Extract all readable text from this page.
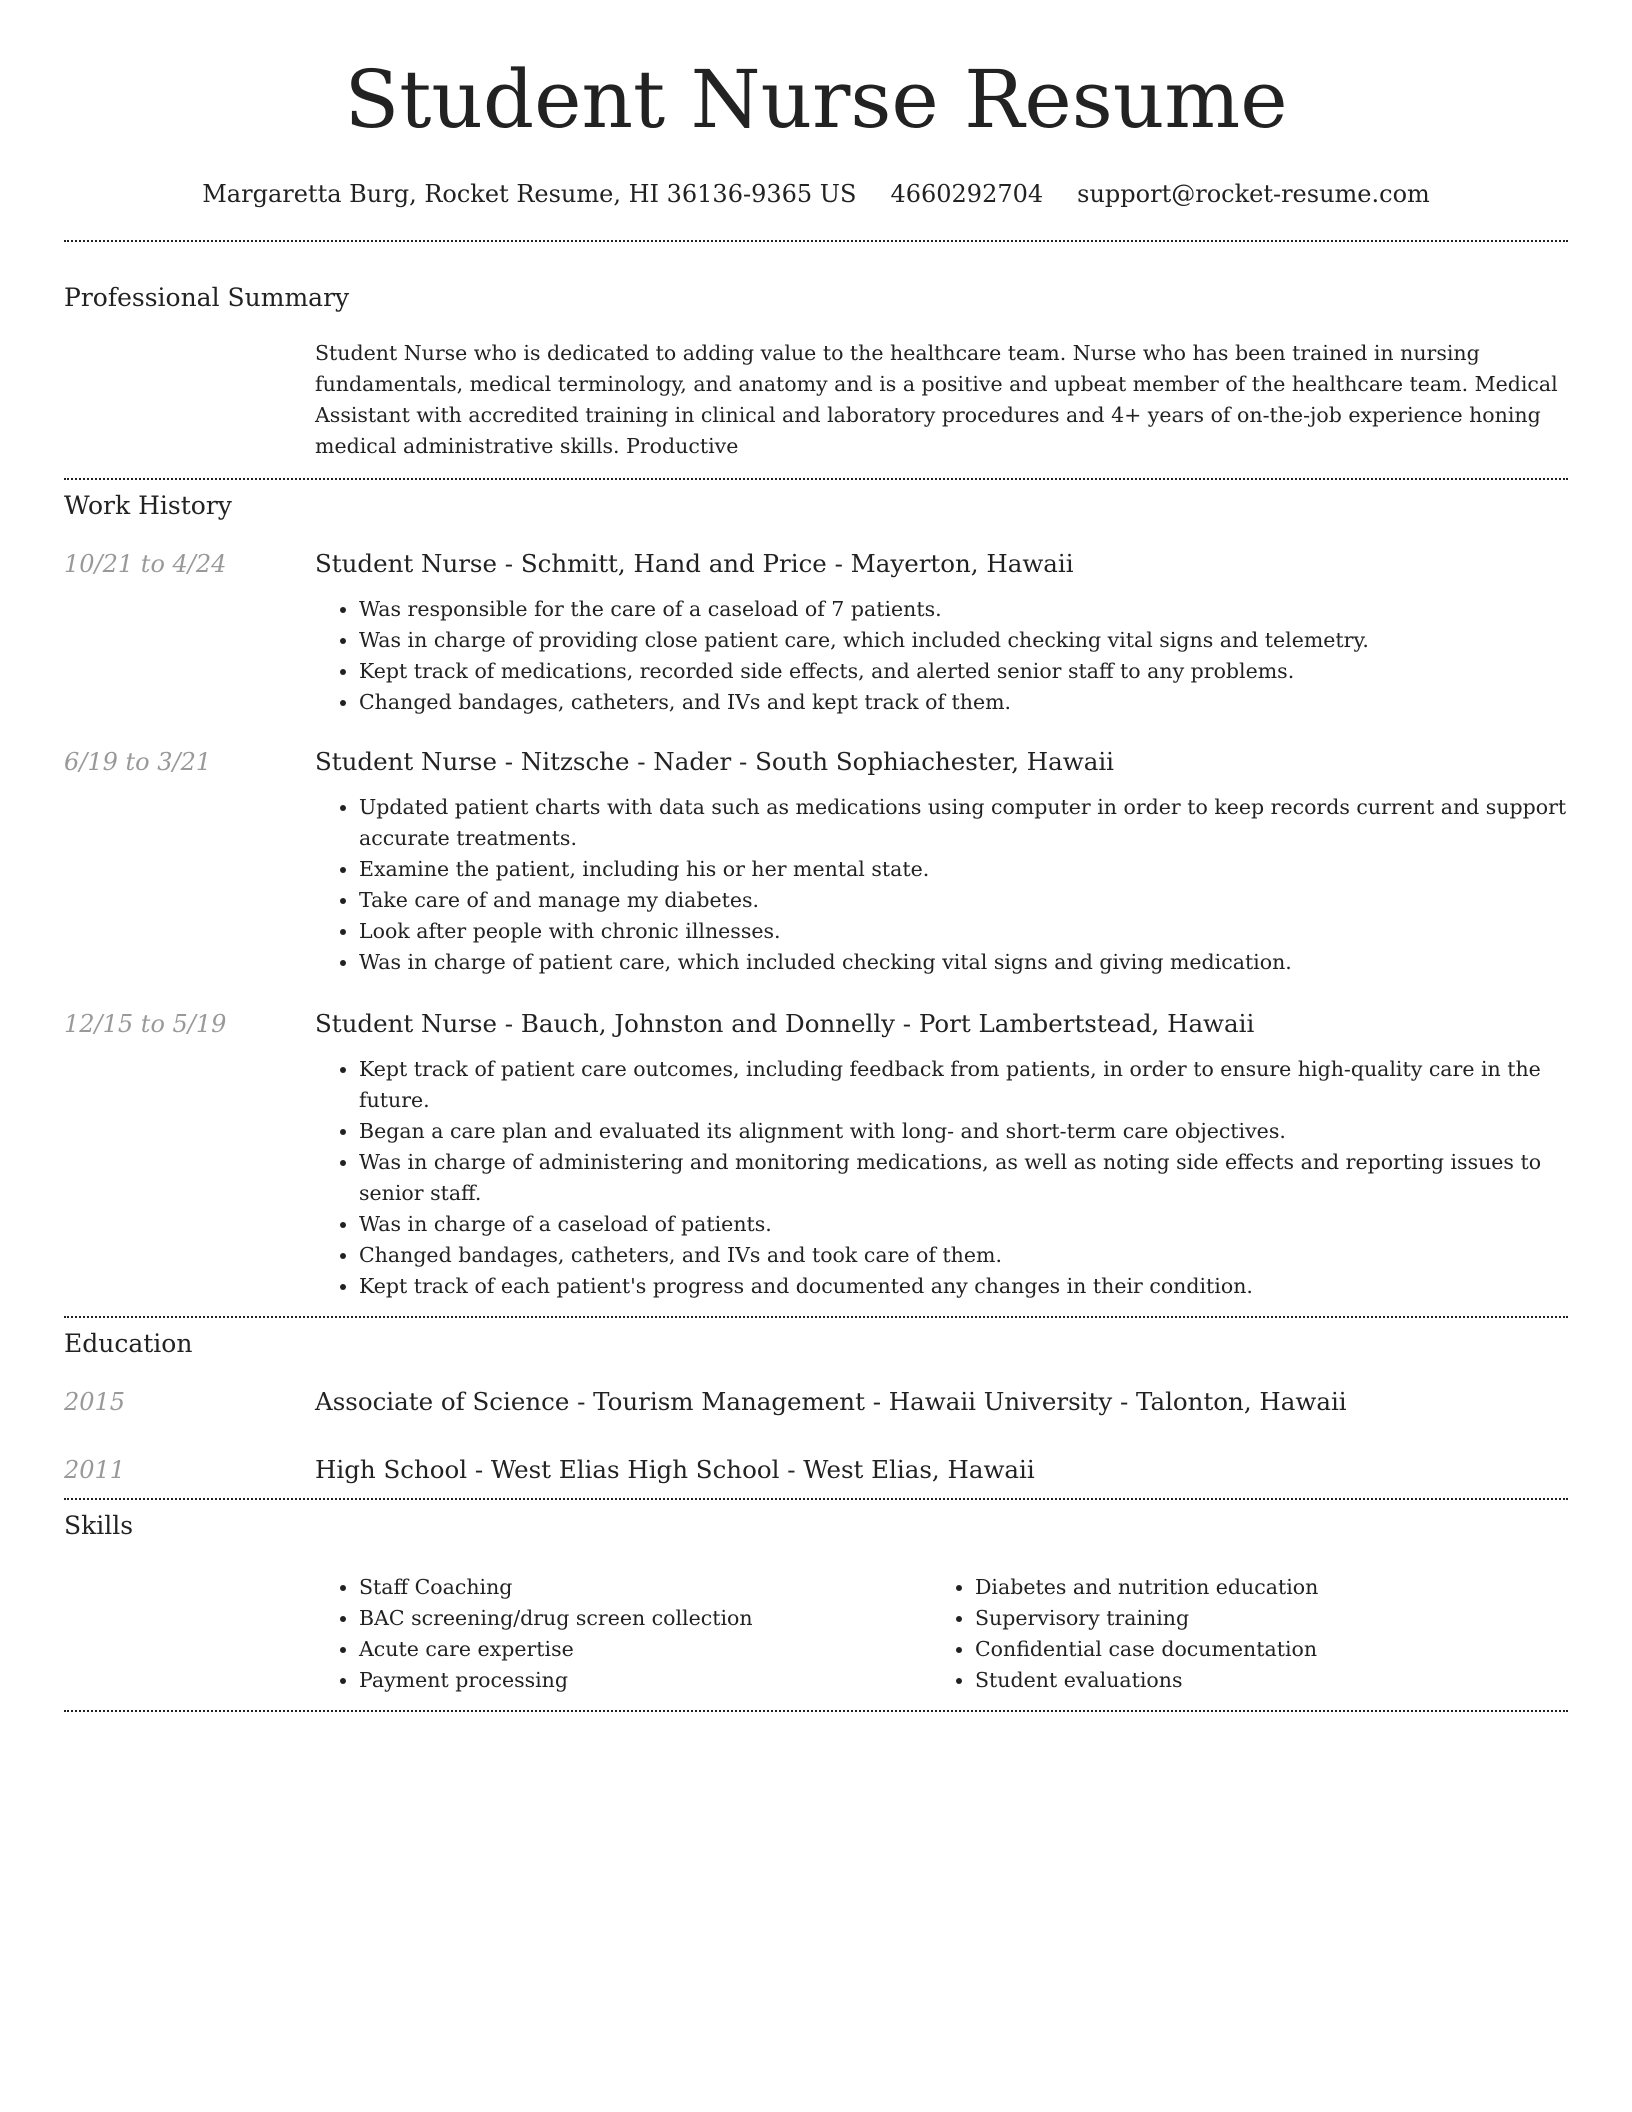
Student Nurse Resume
Margaretta Burg, Rocket Resume, HI 36136-9365 US 4660292704 support@rocket-resume.com
Professional Summary

Student Nurse who is dedicated to adding value to the healthcare team. Nurse who has been trained in nursing fundamentals, medical terminology, and anatomy and is a positive and upbeat member of the healthcare team. Medical Assistant with accredited training in clinical and laboratory procedures and 4+ years of on-the-job experience honing medical administrative skills. Productive

Work History
10/21 to 4/24	Student Nurse - Schmitt, Hand and Price - Mayerton, Hawaii
• Was responsible for the care of a caseload of 7 patients.
• Was in charge of providing close patient care, which included checking vital signs and telemetry.
• Kept track of medications, recorded side effects, and alerted senior staff to any problems.
• Changed bandages, catheters, and IVs and kept track of them.
6/19 to 3/21	Student Nurse - Nitzsche - Nader - South Sophiachester, Hawaii
• Updated patient charts with data such as medications using computer in order to keep records current and support accurate treatments.
• Examine the patient, including his or her mental state.
• Take care of and manage my diabetes.
• Look after people with chronic illnesses.
• Was in charge of patient care, which included checking vital signs and giving medication.
12/15 to 5/19	Student Nurse - Bauch, Johnston and Donnelly - Port Lambertstead, Hawaii
• Kept track of patient care outcomes, including feedback from patients, in order to ensure high-quality care in the future.
• Began a care plan and evaluated its alignment with long- and short-term care objectives.
• Was in charge of administering and monitoring medications, as well as noting side effects and reporting issues to senior staff.
• Was in charge of a caseload of patients.
• Changed bandages, catheters, and IVs and took care of them.
• Kept track of each patient's progress and documented any changes in their condition.
Education
2015	Associate of Science - Tourism Management - Hawaii University - Talonton, Hawaii
2011	High School - West Elias High School - West Elias, Hawaii
Skills
• Staff Coaching
• BAC screening/drug screen collection
• Acute care expertise
• Payment processing
• Diabetes and nutrition education
• Supervisory training
• Confidential case documentation
• Student evaluations
